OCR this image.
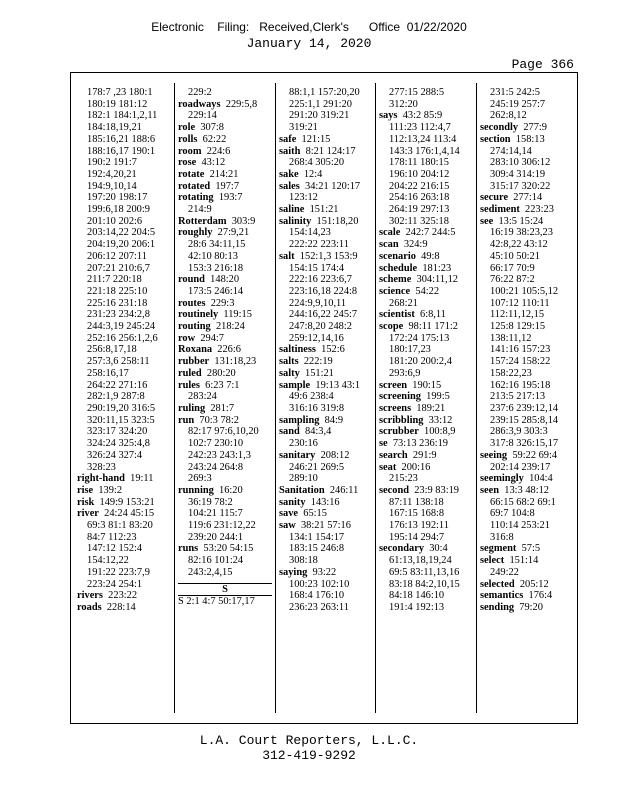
Electronic    Filing:   Received,Clerk's      Office  01/22/2020
January 14, 2020
Page 366
178:7 ,23 180:1
180:19 181:12
182:1 184:1,2,11
184:18,19,21
185:16,21 188:6
188:16,17 190:1
190:2 191:7
192:4,20,21
194:9,10,14
197:20 198:17
199:6,18 200:9
201:10 202:6
203:14,22 204:5
204:19,20 206:1
206:12 207:11
207:21 210:6,7
211:7 220:18
221:18 225:10
225:16 231:18
231:23 234:2,8
244:3,19 245:24
252:16 256:1,2,6
256:8,17,18
257:3,6 258:11
258:16,17
264:22 271:16
282:1,9 287:8
290:19,20 316:5
320:11,15 323:5
323:17 324:20
324:24 325:4,8
326:24 327:4
328:23
right-hand 19:11
rise 139:2
risk 149:9 153:21
river 24:24 45:15
69:3 81:1 83:20
84:7 112:23
147:12 152:4
154:12,22
191:22 223:7,9
223:24 254:1
rivers 223:22
roads 228:14
229:2
roadways 229:5,8
229:14
role 307:8
rolls 62:22
room 224:6
rose 43:12
rotate 214:21
rotated 197:7
rotating 193:7
214:9
Rotterdam 303:9
roughly 27:9,21
28:6 34:11,15
42:10 80:13
153:3 216:18
round 148:20
173:5 246:14
routes 229:3
routinely 119:15
routing 218:24
row 294:7
Roxana 226:6
rubber 131:18,23
ruled 280:20
rules 6:23 7:1
283:24
ruling 281:7
run 70:3 78:2
82:17 97:6,10,20
102:7 230:10
242:23 243:1,3
243:24 264:8
269:3
running 16:20
36:19 78:2
104:21 115:7
119:6 231:12,22
239:20 244:1
runs 53:20 54:15
82:16 101:24
243:2,4,15
S
S 2:1 4:7 50:17,17
88:1,1 157:20,20
225:1,1 291:20
291:20 319:21
319:21
safe 121:15
saith 8:21 124:17
268:4 305:20
sake 12:4
sales 34:21 120:17
123:12
saline 151:21
salinity 151:18,20
154:14,23
222:22 223:11
salt 152:1,3 153:9
154:15 174:4
222:16 223:6,7
223:16,18 224:8
224:9,9,10,11
244:16,22 245:7
247:8,20 248:2
259:12,14,16
saltiness 152:6
salts 222:19
salty 151:21
sample 19:13 43:1
49:6 238:4
316:16 319:8
sampling 84:9
sand 84:3,4
230:16
sanitary 208:12
246:21 269:5
289:10
Sanitation 246:11
sanity 143:16
save 65:15
saw 38:21 57:16
134:1 154:17
183:15 246:8
308:18
saying 93:22
100:23 102:10
168:4 176:10
236:23 263:11
277:15 288:5
312:20
says 43:2 85:9
111:23 112:4,7
112:13,24 113:4
143:3 176:1,4,14
178:11 180:15
196:10 204:12
204:22 216:15
254:16 263:18
264:19 297:13
302:11 325:18
scale 242:7 244:5
scan 324:9
scenario 49:8
schedule 181:23
scheme 304:11,12
science 54:22
268:21
scientist 6:8,11
scope 98:11 171:2
172:24 175:13
180:17,23
181:20 200:2,4
293:6,9
screen 190:15
screening 199:5
screens 189:21
scribbling 33:12
scrubber 100:8,9
se 73:13 236:19
search 291:9
seat 200:16
215:23
second 23:9 83:19
87:11 138:18
167:15 168:8
176:13 192:11
195:14 294:7
secondary 30:4
61:13,18,19,24
69:5 83:11,13,16
83:18 84:2,10,15
84:18 146:10
191:4 192:13
231:5 242:5
245:19 257:7
262:8,12
secondly 277:9
section 158:13
274:14,14
283:10 306:12
309:4 314:19
315:17 320:22
secure 277:14
sediment 223:23
see 13:5 15:24
16:19 38:23,23
42:8,22 43:12
45:10 50:21
66:17 70:9
76:22 87:2
100:21 105:5,12
107:12 110:11
112:11,12,15
125:8 129:15
138:11,12
141:16 157:23
157:24 158:22
158:22,23
162:16 195:18
213:5 217:13
237:6 239:12,14
239:15 285:8,14
286:3,9 303:3
317:8 326:15,17
seeing 59:22 69:4
202:14 239:17
seemingly 104:4
seen 13:3 48:12
66:15 68:2 69:1
69:7 104:8
110:14 253:21
316:8
segment 57:5
select 151:14
249:22
selected 205:12
semantics 176:4
sending 79:20
L.A. Court Reporters, L.L.C.
312-419-9292
